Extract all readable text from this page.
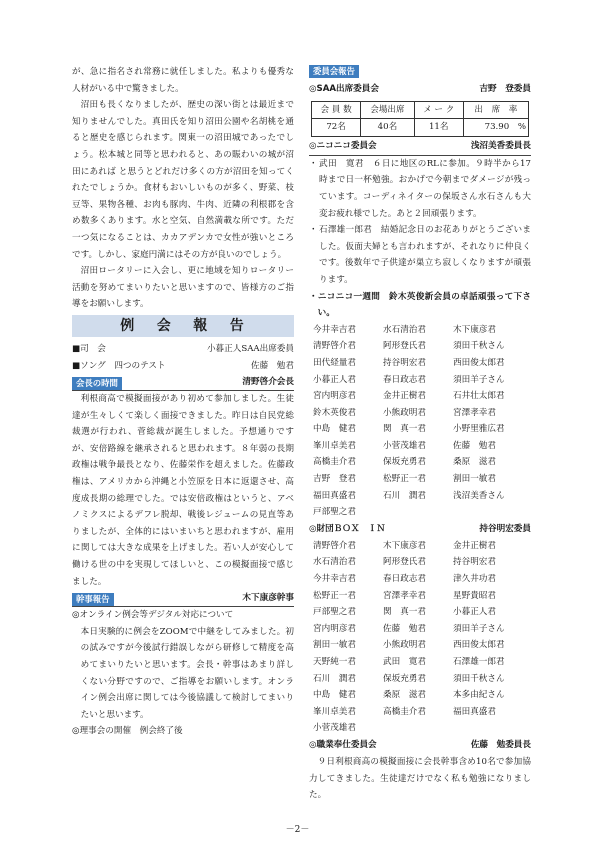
が、急に指名され常務に就任しました。私よりも優秀な人材がいる中で驚きました。

沼田も長くなりましたが、歴史の深い街とは最近まで知りませんでした。真田氏を知り沼田公園や名胡桃を通ると歴史を感じられます。関東一の沼田城であったでしょう。松本城と同等と思われると、あの賑わいの城が沼田にあれば と思うとどれだけ多くの方が沼田を知ってくれたでしょうか。食材もおいしいものが多く、野菜、枝豆等、果物各種、お肉も豚肉、牛肉、近隣の利根郡を含め数多くあります。水と空気、自然満載な所です。ただ一つ気になることは、カカアデンカで女性が強いところです。しかし、家庭円満にはその方が良いのでしょう。

沼田ロータリーに入会し、更に地域を知りロータリー活動を努めてまいりたいと思いますので、皆様方のご指導をお願いします。

例 会 報 告
■司　会	小暮正人SAA出席委員
■ソング　四つのテスト	佐藤　勉君
会長の時間	清野啓介会長

利根商高で模擬面接があり初めて参加しました。生徒達が生々しくて楽しく面接できました。昨日は自民党総裁選が行われ、菅総裁が誕生しました。予想通りですが、安倍路線を継承されると思われます。８年弱の長期政権は戦争最長となり、佐藤栄作を超えました。佐藤政権は、アメリカから沖縄と小笠原を日本に返還させ、高度成長期の総理でした。では安倍政権はというと、アベノミクスによるデフレ脱却、戦後レジュームの見直等ありましたが、全体的にはいまいちと思われますが、雇用に関しては大きな成果を上げました。若い人が安心して働ける世の中を実現してほしいと、この模擬面接で感じました。

幹事報告	木下康彦幹事

◎オンライン例会等デジタル対応について

本日実験的に例会をZOOMで中継をしてみました。初の試みですが今後試行錯誤しながら研修して精度を高めてまいりたいと思います。会長・幹事はあまり詳しくない分野ですので、ご指導をお願いします。オンライン例会出席に関しては今後協議して検討してまいりたいと思います。

◎理事会の開催　例会終了後

委員会報告
◎SAA出席委員会	吉野　登委員
会 員 数	会場出席	メ ー ク	出　席　率
72名	40名	11名	73.90　%
◎ニコニコ委員会	浅沼美香委員長
・ 武田　寛君　６日に地区のRLに参加。９時半から17時まで日一杯勉強。おかげで今朝までダメージが残っています。コーディネイターの保坂さん水石さんも大変お疲れ様でした。あと２回頑張ります。
・ 石澤雄一郎君　結婚記念日のお花ありがとうございました。仮面夫婦とも言われますが、それなりに仲良くです。後数年で子供達が巣立ち寂しくなりますが頑張ります。

・ニコニコ一週間　鈴木英俊新会員の卓話頑張って下さい。

今井幸吉君	水石清治君	木下康彦君
清野啓介君	阿形登氏君	須田千秋さん
田代経量君	持谷明宏君	西田俊太郎君
小暮正人君	春日政志君	須田羊子さん
宮内明彦君	金井正樹君	石井壮太郎君
鈴木英俊君	小熊政明君	宮澤孝幸君
中島　健君	関　真一君	小野里雅広君
峯川卓美君	小菅茂雄君	佐藤　勉君
高橋圭介君	保坂充勇君	桑原　滋君
吉野　登君	松野正一君	割田一敏君
福田真盛君	石川　潤君	浅沼美香さん
戸部聖之君
◎財団ＢＯＸ　ＩＮ	持谷明宏委員
清野啓介君	木下康彦君	金井正樹君
水石清治君	阿形登氏君	持谷明宏君
今井幸吉君	春日政志君	津久井功君
松野正一君	宮澤孝幸君	星野貴昭君
戸部聖之君	関　真一君	小暮正人君
宮内明彦君	佐藤　勉君	須田羊子さん
割田一敏君	小熊政明君	西田俊太郎君
天野純一君	武田　寛君	石澤雄一郎君
石川　潤君	保坂充勇君	須田千秋さん
中島　健君	桑原　滋君	本多由紀さん
峯川卓美君	高橋圭介君	福田真盛君
小菅茂雄君
◎職業奉仕委員会	佐藤　勉委員長

９日利根商高の模擬面接に会長幹事含め10名で参加協力してきました。生徒達だけでなく私も勉強になりました。

－2－
